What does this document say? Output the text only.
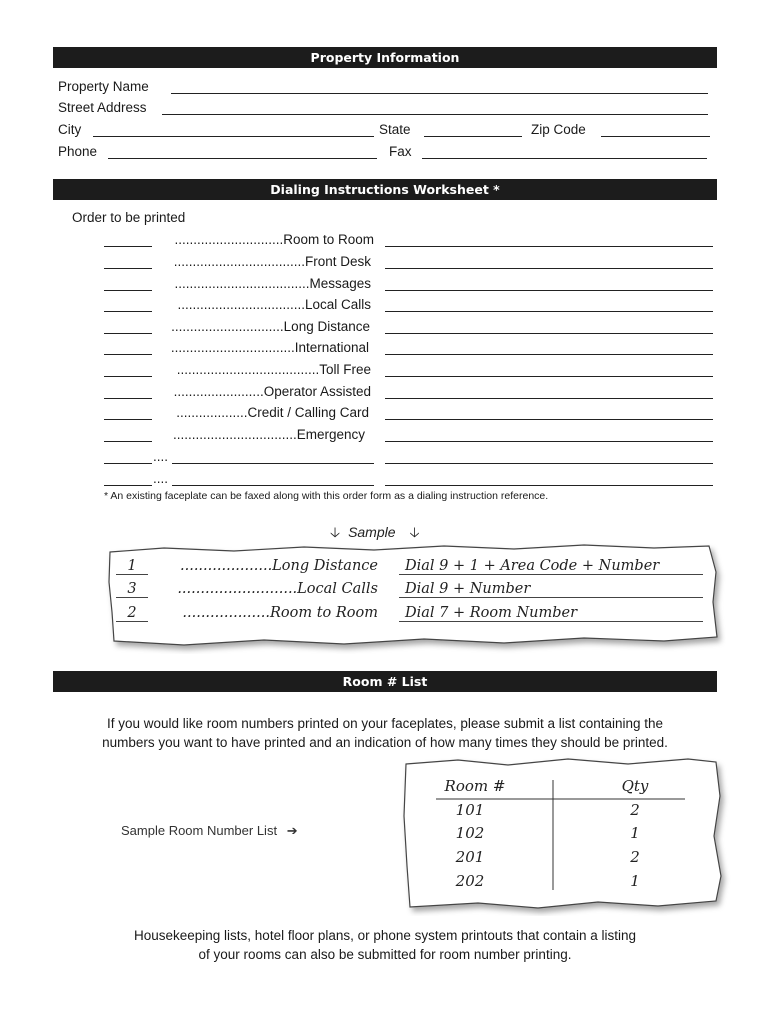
Property Information
Property Name
Street Address
City	State	Zip Code
Phone	Fax
Dialing Instructions Worksheet *
Order to be printed
.............................Room to Room
...................................Front Desk
....................................Messages
..................................Local Calls
..............................Long Distance
.................................International
......................................Toll Free
........................Operator Assisted
...................Credit / Calling Card
.................................Emergency
....
....
* An existing faceplate can be faxed along with this order form as a dialing instruction reference.
🡣 Sample 🡣
1	....................Long Distance	Dial 9 + 1 + Area Code + Number
3	..........................Local Calls	Dial 9 + Number
2	...................Room to Room	Dial 7 + Room Number
Room # List
If you would like room numbers printed on your faceplates, please submit a list containing the numbers you want to have printed and an indication of how many times they should be printed.
Sample Room Number List ➔
Room #	Qty
101	2
102	1
201	2
202	1
Housekeeping lists, hotel floor plans, or phone system printouts that contain a listing of your rooms can also be submitted for room number printing.
